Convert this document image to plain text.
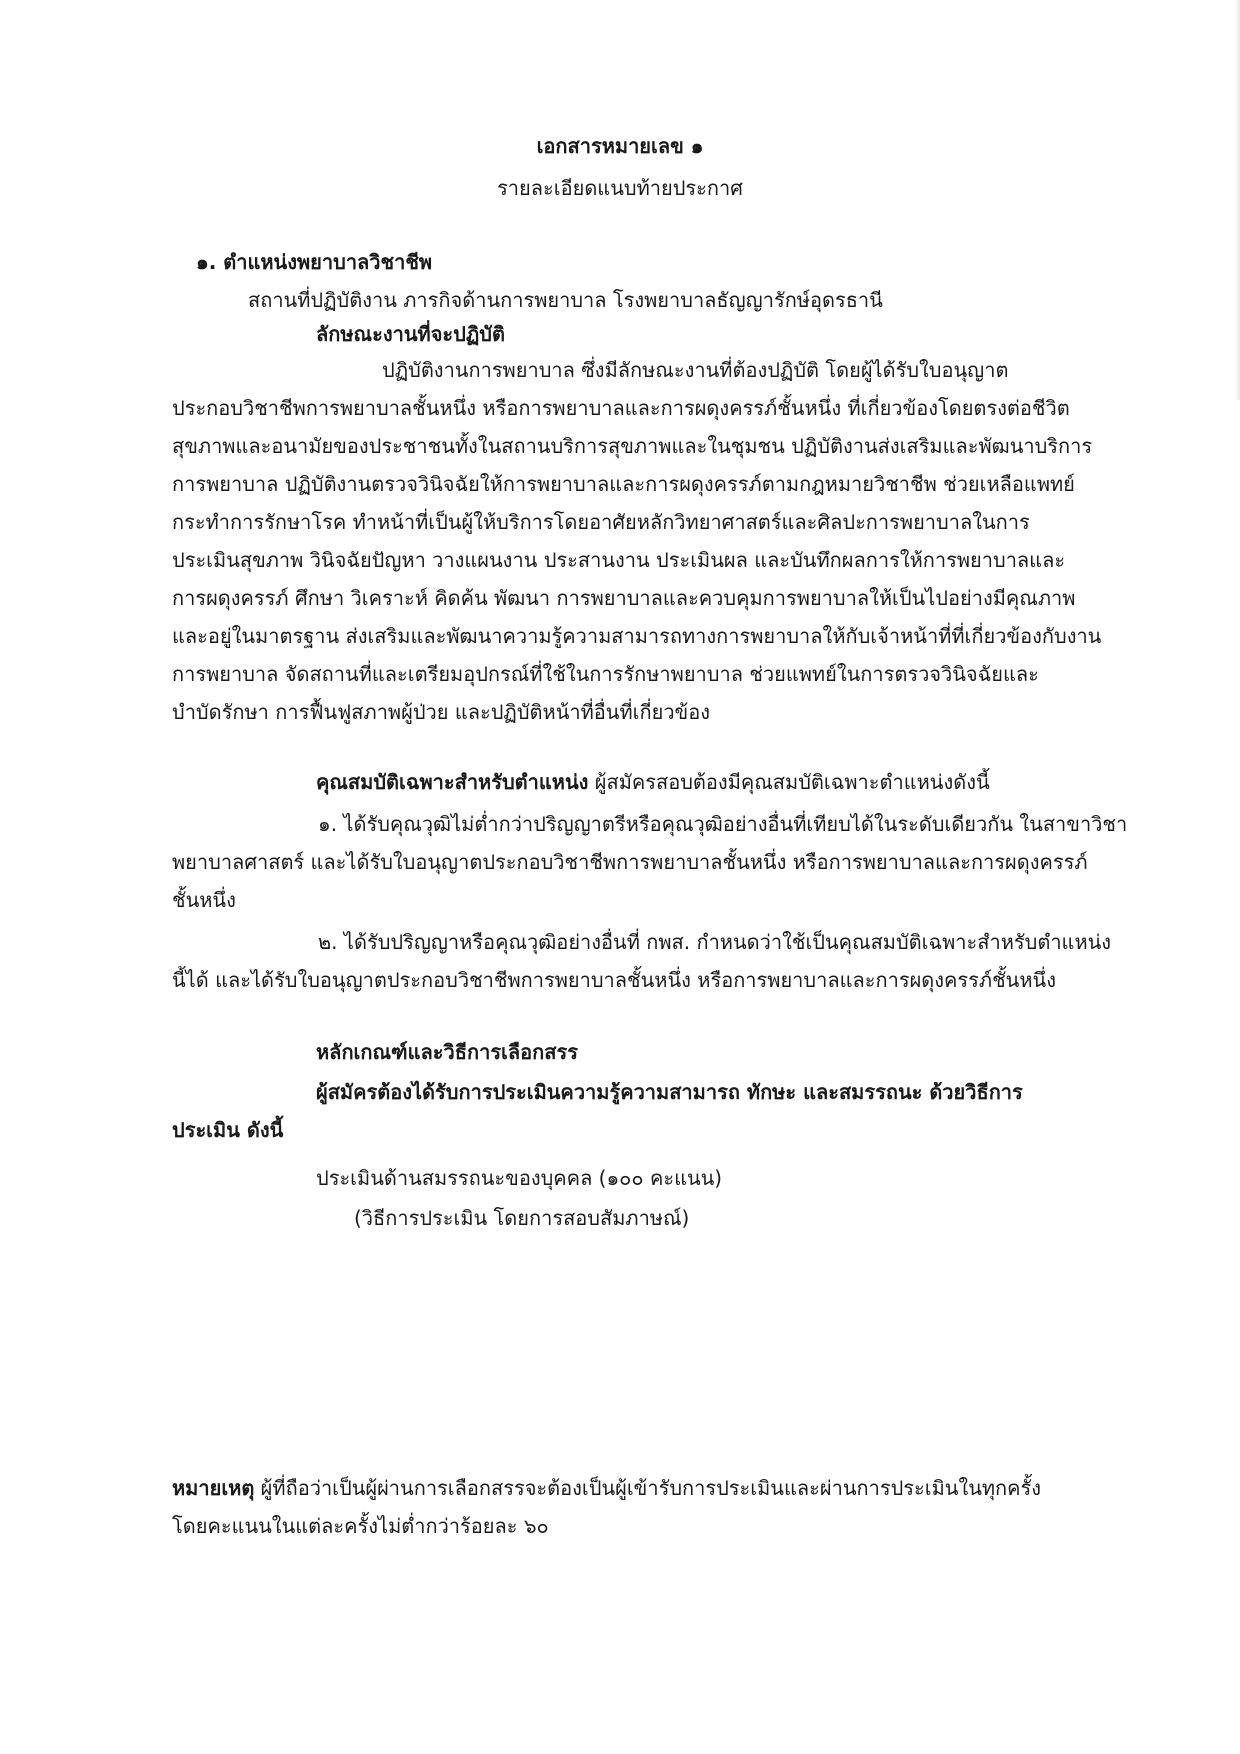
เอกสารหมายเลข ๑
รายละเอียดแนบท้ายประกาศ
๑. ตำแหน่งพยาบาลวิชาชีพ
สถานที่ปฏิบัติงาน ภารกิจด้านการพยาบาล โรงพยาบาลธัญญารักษ์อุดรธานี
ลักษณะงานที่จะปฏิบัติ
ปฏิบัติงานการพยาบาล ซึ่งมีลักษณะงานที่ต้องปฏิบัติ โดยผู้ได้รับใบอนุญาต
ประกอบวิชาชีพการพยาบาลชั้นหนึ่ง หรือการพยาบาลและการผดุงครรภ์ชั้นหนึ่ง ที่เกี่ยวข้องโดยตรงต่อชีวิต
สุขภาพและอนามัยของประชาชนทั้งในสถานบริการสุขภาพและในชุมชน ปฏิบัติงานส่งเสริมและพัฒนาบริการ
การพยาบาล ปฏิบัติงานตรวจวินิจฉัยให้การพยาบาลและการผดุงครรภ์ตามกฎหมายวิชาชีพ ช่วยเหลือแพทย์
กระทำการรักษาโรค ทำหน้าที่เป็นผู้ให้บริการโดยอาศัยหลักวิทยาศาสตร์และศิลปะการพยาบาลในการ
ประเมินสุขภาพ วินิจฉัยปัญหา วางแผนงาน ประสานงาน ประเมินผล และบันทึกผลการให้การพยาบาลและ
การผดุงครรภ์ ศึกษา วิเคราะห์ คิดค้น พัฒนา การพยาบาลและควบคุมการพยาบาลให้เป็นไปอย่างมีคุณภาพ
และอยู่ในมาตรฐาน ส่งเสริมและพัฒนาความรู้ความสามารถทางการพยาบาลให้กับเจ้าหน้าที่ที่เกี่ยวข้องกับงาน
การพยาบาล จัดสถานที่และเตรียมอุปกรณ์ที่ใช้ในการรักษาพยาบาล ช่วยแพทย์ในการตรวจวินิจฉัยและ
บำบัดรักษา การฟื้นฟูสภาพผู้ป่วย และปฏิบัติหน้าที่อื่นที่เกี่ยวข้อง
คุณสมบัติเฉพาะสำหรับตำแหน่ง ผู้สมัครสอบต้องมีคุณสมบัติเฉพาะตำแหน่งดังนี้
๑. ได้รับคุณวุฒิไม่ต่ำกว่าปริญญาตรีหรือคุณวุฒิอย่างอื่นที่เทียบได้ในระดับเดียวกัน ในสาขาวิชา
พยาบาลศาสตร์ และได้รับใบอนุญาตประกอบวิชาชีพการพยาบาลชั้นหนึ่ง หรือการพยาบาลและการผดุงครรภ์
ชั้นหนึ่ง
๒. ได้รับปริญญาหรือคุณวุฒิอย่างอื่นที่ กพส. กำหนดว่าใช้เป็นคุณสมบัติเฉพาะสำหรับตำแหน่ง
นี้ได้ และได้รับใบอนุญาตประกอบวิชาชีพการพยาบาลชั้นหนึ่ง หรือการพยาบาลและการผดุงครรภ์ชั้นหนึ่ง
หลักเกณฑ์และวิธีการเลือกสรร
ผู้สมัครต้องได้รับการประเมินความรู้ความสามารถ ทักษะ และสมรรถนะ ด้วยวิธีการ
ประเมิน ดังนี้
ประเมินด้านสมรรถนะของบุคคล (๑๐๐ คะแนน)
(วิธีการประเมิน โดยการสอบสัมภาษณ์)
หมายเหตุ ผู้ที่ถือว่าเป็นผู้ผ่านการเลือกสรรจะต้องเป็นผู้เข้ารับการประเมินและผ่านการประเมินในทุกครั้ง
โดยคะแนนในแต่ละครั้งไม่ต่ำกว่าร้อยละ ๖๐
